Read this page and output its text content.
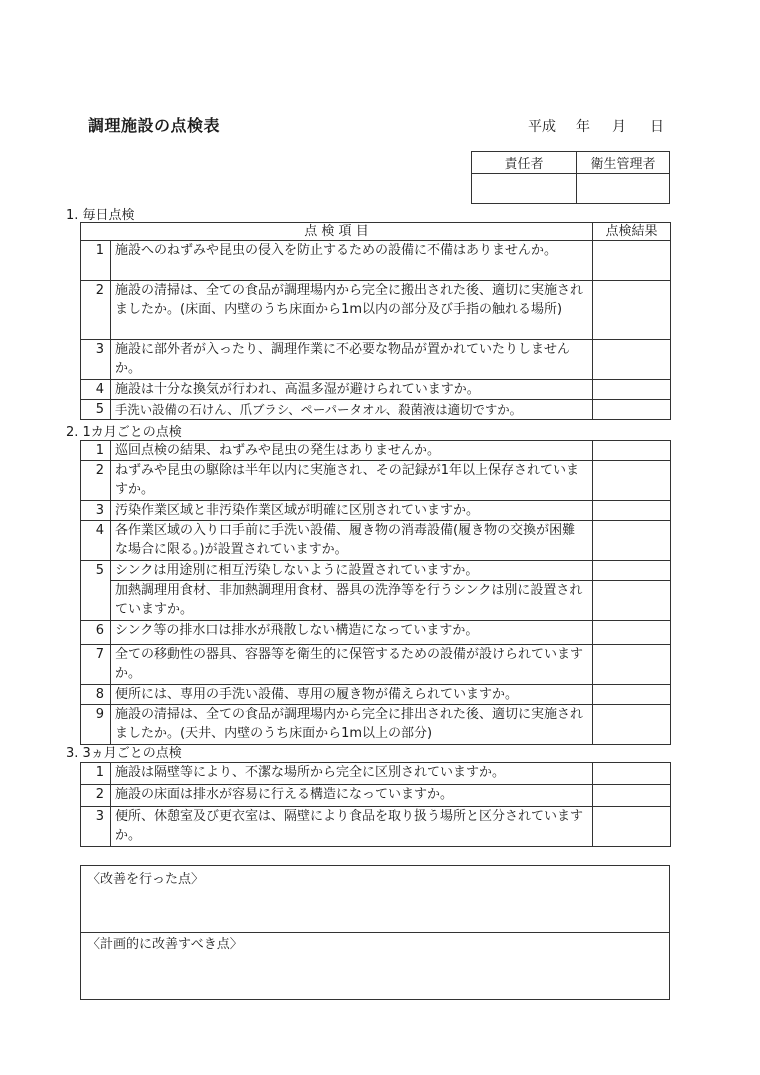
調理施設の点検表	平成 年 月 日
責任者	衛生管理者

1. 毎日点検
点 検 項 目		点検結果
1	施設へのねずみや昆虫の侵入を防止するための設備に不備はありませんか。	
2	施設の清掃は、全ての食品が調理場内から完全に搬出された後、適切に実施されましたか。(床面、内壁のうち床面から1m以内の部分及び手指の触れる場所)	
3	施設に部外者が入ったり、調理作業に不必要な物品が置かれていたりしませんか。	
4	施設は十分な換気が行われ、高温多湿が避けられていますか。	
5	手洗い設備の石けん、爪ブラシ、ペーパータオル、殺菌液は適切ですか。	
2. 1カ月ごとの点検
1	巡回点検の結果、ねずみや昆虫の発生はありませんか。	
2	ねずみや昆虫の駆除は半年以内に実施され、その記録が1年以上保存されていますか。	
3	汚染作業区域と非汚染作業区域が明確に区別されていますか。	
4	各作業区域の入り口手前に手洗い設備、履き物の消毒設備(履き物の交換が困難な場合に限る。)が設置されていますか。	
5	シンクは用途別に相互汚染しないように設置されていますか。	
	加熱調理用食材、非加熱調理用食材、器具の洗浄等を行うシンクは別に設置されていますか。	
6	シンク等の排水口は排水が飛散しない構造になっていますか。	
7	全ての移動性の器具、容器等を衛生的に保管するための設備が設けられていますか。	
8	便所には、専用の手洗い設備、専用の履き物が備えられていますか。	
9	施設の清掃は、全ての食品が調理場内から完全に排出された後、適切に実施されましたか。(天井、内壁のうち床面から1m以上の部分)	
3. 3ヵ月ごとの点検
1	施設は隔壁等により、不潔な場所から完全に区別されていますか。	
2	施設の床面は排水が容易に行える構造になっていますか。	
3	便所、休憩室及び更衣室は、隔壁により食品を取り扱う場所と区分されていますか。	
〈改善を行った点〉
〈計画的に改善すべき点〉
